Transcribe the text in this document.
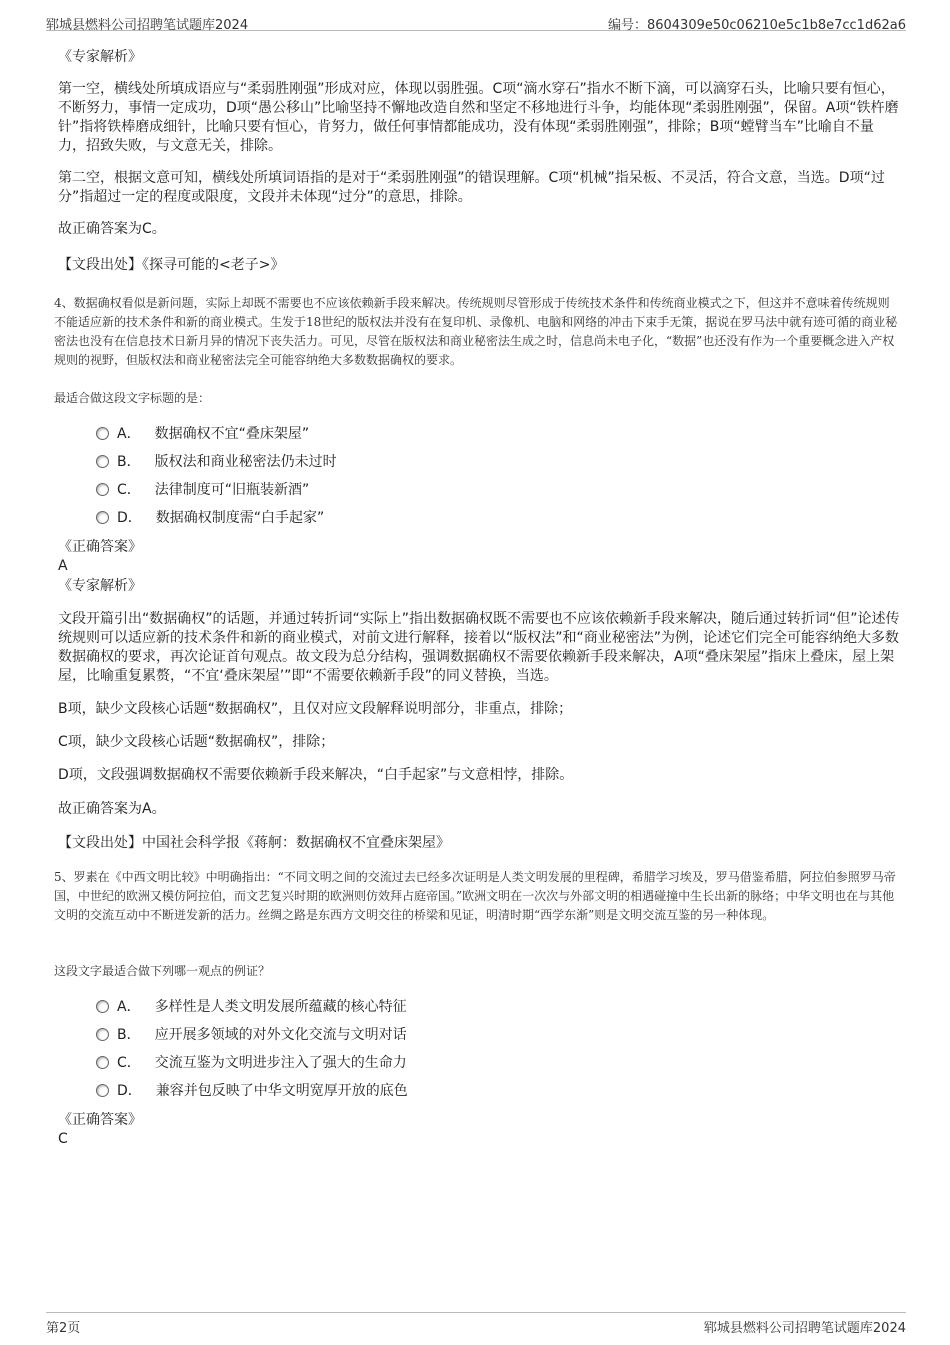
郓城县燃料公司招聘笔试题库2024	编号：8604309e50c06210e5c1b8e7cc1d62a6
《专家解析》
第一空，横线处所填成语应与“柔弱胜刚强”形成对应，体现以弱胜强。C项“滴水穿石”指水不断下滴，可以滴穿石头，比喻只要有恒心，不断努力，事情一定成功，D项“愚公移山”比喻坚持不懈地改造自然和坚定不移地进行斗争，均能体现“柔弱胜刚强”，保留。A项“铁杵磨针”指将铁棒磨成细针，比喻只要有恒心，肯努力，做任何事情都能成功，没有体现“柔弱胜刚强”，排除；B项“螳臂当车”比喻自不量力，招致失败，与文意无关，排除。
第二空，根据文意可知，横线处所填词语指的是对于“柔弱胜刚强”的错误理解。C项“机械”指呆板、不灵活，符合文意，当选。D项“过分”指超过一定的程度或限度，文段并未体现“过分”的意思，排除。
故正确答案为C。
【文段出处】《探寻可能的<老子>》
4、数据确权看似是新问题，实际上却既不需要也不应该依赖新手段来解决。传统规则尽管形成于传统技术条件和传统商业模式之下，但这并不意味着传统规则不能适应新的技术条件和新的商业模式。生发于18世纪的版权法并没有在复印机、录像机、电脑和网络的冲击下束手无策，据说在罗马法中就有迹可循的商业秘密法也没有在信息技术日新月异的情况下丧失活力。可见，尽管在版权法和商业秘密法生成之时，信息尚未电子化，“数据”也还没有作为一个重要概念进入产权规则的视野，但版权法和商业秘密法完全可能容纳绝大多数数据确权的要求。
最适合做这段文字标题的是：
A． 数据确权不宜“叠床架屋”
B． 版权法和商业秘密法仍未过时
C． 法律制度可“旧瓶装新酒”
D． 数据确权制度需“白手起家”
《正确答案》
A
《专家解析》
文段开篇引出“数据确权”的话题，并通过转折词“实际上”指出数据确权既不需要也不应该依赖新手段来解决，随后通过转折词“但”论述传统规则可以适应新的技术条件和新的商业模式，对前文进行解释，接着以“版权法”和“商业秘密法”为例，论述它们完全可能容纳绝大多数数据确权的要求，再次论证首句观点。故文段为总分结构，强调数据确权不需要依赖新手段来解决，A项“叠床架屋”指床上叠床，屋上架屋，比喻重复累赘，“不宜‘叠床架屋’”即“不需要依赖新手段”的同义替换，当选。
B项，缺少文段核心话题“数据确权”，且仅对应文段解释说明部分，非重点，排除；
C项，缺少文段核心话题“数据确权”，排除；
D项，文段强调数据确权不需要依赖新手段来解决，“白手起家”与文意相悖，排除。
故正确答案为A。
【文段出处】中国社会科学报《蒋舸：数据确权不宜叠床架屋》
5、罗素在《中西文明比较》中明确指出：“不同文明之间的交流过去已经多次证明是人类文明发展的里程碑，希腊学习埃及，罗马借鉴希腊，阿拉伯参照罗马帝国，中世纪的欧洲又模仿阿拉伯，而文艺复兴时期的欧洲则仿效拜占庭帝国。”欧洲文明在一次次与外部文明的相遇碰撞中生长出新的脉络；中华文明也在与其他文明的交流互动中不断迸发新的活力。丝绸之路是东西方文明交往的桥梁和见证，明清时期“西学东渐”则是文明交流互鉴的另一种体现。
这段文字最适合做下列哪一观点的例证？
A． 多样性是人类文明发展所蕴藏的核心特征
B． 应开展多领域的对外文化交流与文明对话
C． 交流互鉴为文明进步注入了强大的生命力
D． 兼容并包反映了中华文明宽厚开放的底色
《正确答案》
C
第2页	郓城县燃料公司招聘笔试题库2024
